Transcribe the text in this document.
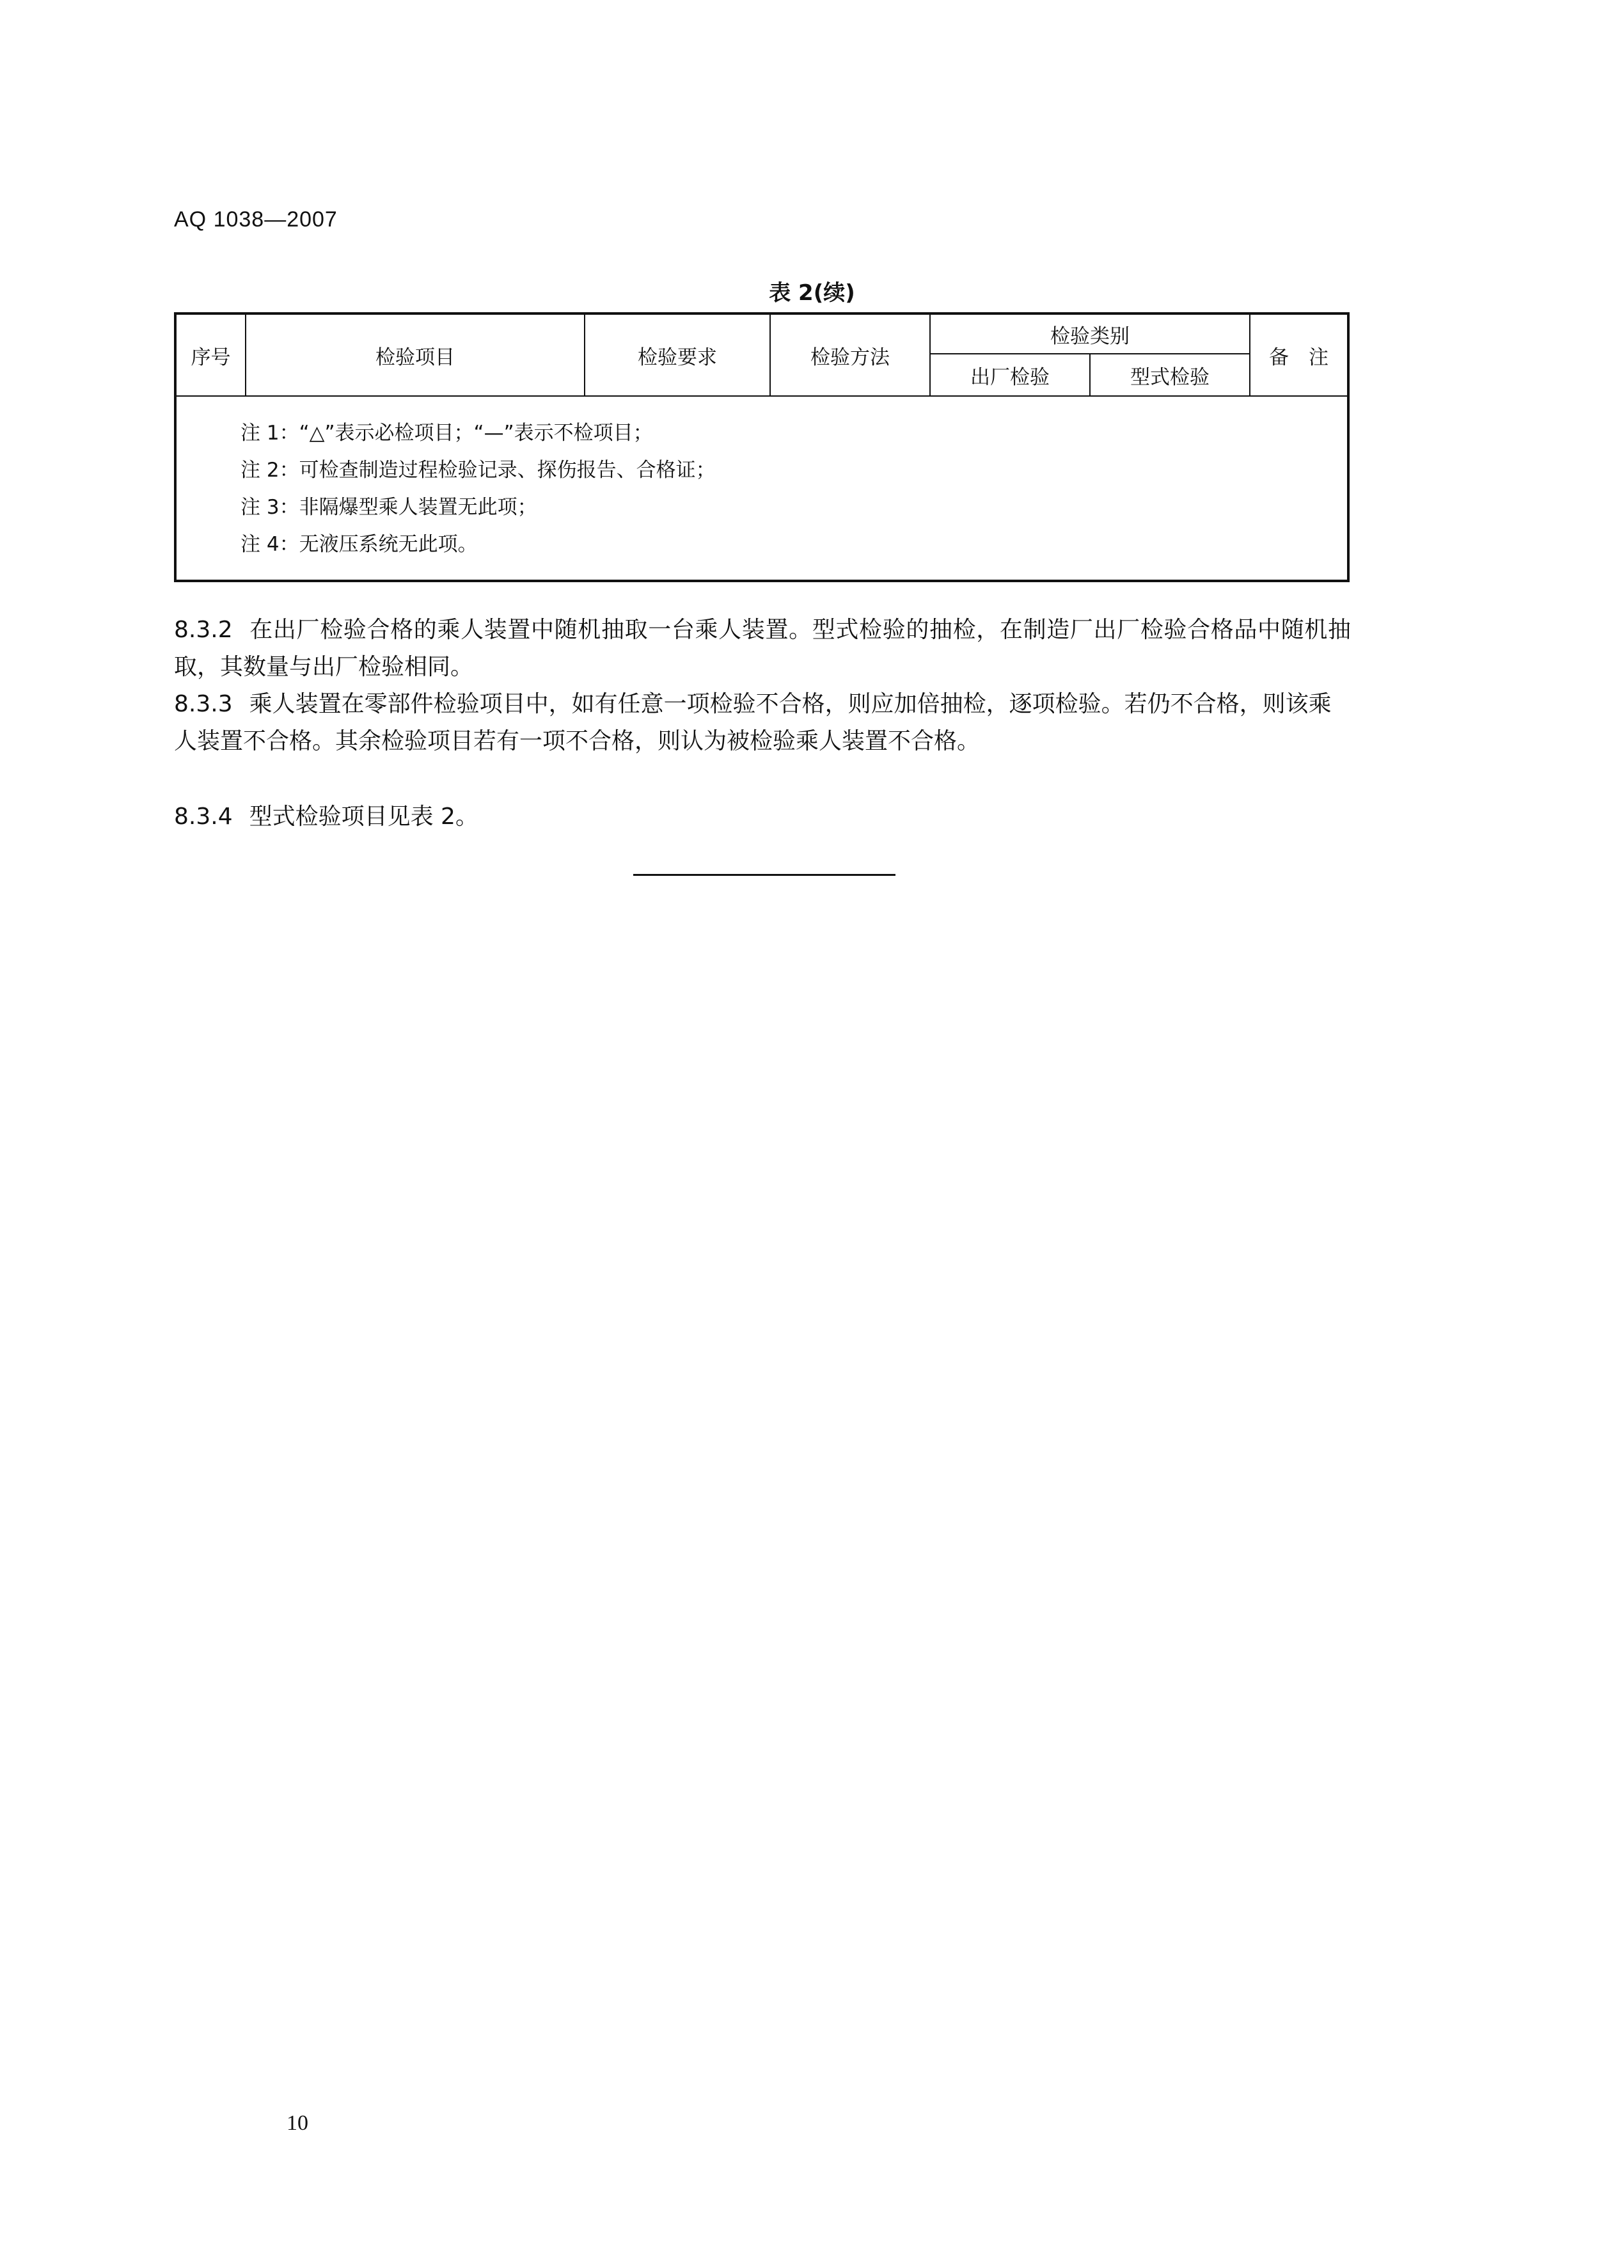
AQ 1038—2007
表 2(续)
序号	检验项目	检验要求	检验方法	检验类别		备　注
				出厂检验	型式检验	

注 1：“△”表示必检项目；“—”表示不检项目；
注 2：可检查制造过程检验记录、探伤报告、合格证；
注 3：非隔爆型乘人装置无此项；
注 4：无液压系统无此项。						
8.3.2 在出厂检验合格的乘人装置中随机抽取一台乘人装置。型式检验的抽检，在制造厂出厂检验合格品中随机抽取，其数量与出厂检验相同。
8.3.3 乘人装置在零部件检验项目中，如有任意一项检验不合格，则应加倍抽检，逐项检验。若仍不合格，则该乘人装置不合格。其余检验项目若有一项不合格，则认为被检验乘人装置不合格。
8.3.4 型式检验项目见表 2。
10
